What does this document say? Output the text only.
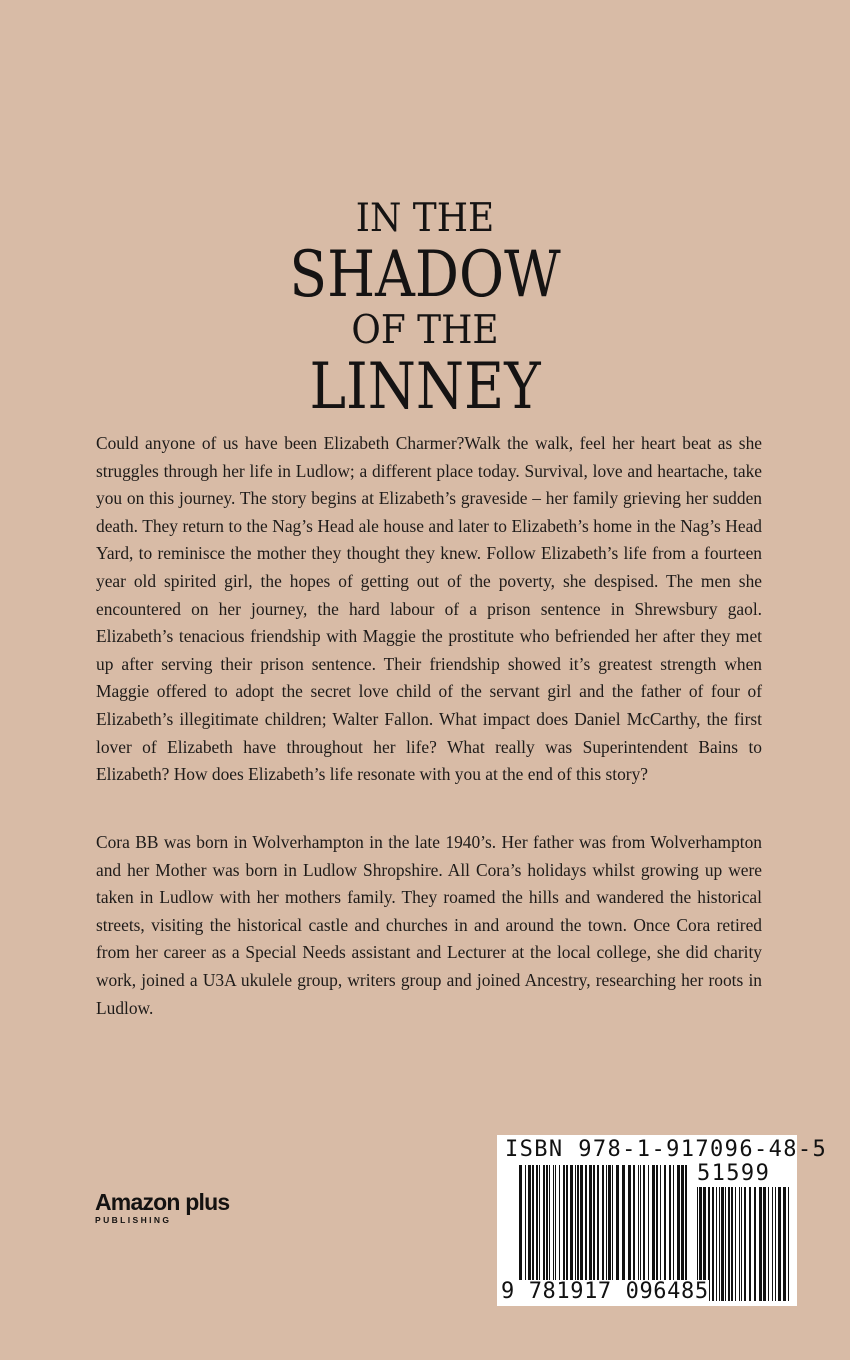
IN THE
SHADOW
OF THE
LINNEY

Could anyone of us have been Elizabeth Charmer?Walk the walk, feel her heart beat as she struggles through her life in Ludlow; a different place today. Survival, love and heartache, take you on this journey. The story begins at Elizabeth’s graveside – her family grieving her sudden death. They return to the Nag’s Head ale house and later to Elizabeth’s home in the Nag’s Head Yard, to reminisce the mother they thought they knew. Follow Elizabeth’s life from a fourteen year old spirited girl, the hopes of getting out of the poverty, she despised. The men she encountered on her journey, the hard labour of a prison sentence in Shrewsbury gaol. Elizabeth’s tenacious friendship with Maggie the prostitute who befriended her after they met up after serving their prison sentence. Their friendship showed it’s greatest strength when Maggie offered to adopt the secret love child of the servant girl and the father of four of Elizabeth’s illegitimate children; Walter Fallon. What impact does Daniel McCarthy, the first lover of Elizabeth have throughout her life? What really was Superintendent Bains to Elizabeth? How does Elizabeth’s life resonate with you at the end of this story?

Cora BB was born in Wolverhampton in the late 1940’s. Her father was from Wolverhampton and her Mother was born in Ludlow Shropshire. All Cora’s holidays whilst growing up were taken in Ludlow with her mothers family. They roamed the hills and wandered the historical streets, visiting the historical castle and churches in and around the town. Once Cora retired from her career as a Special Needs assistant and Lecturer at the local college, she did charity work, joined a U3A ukulele group, writers group and joined Ancestry, researching her roots in Ludlow.

Amazon plus
PUBLISHING
ISBN 978-1-917096-48-5
51599
9 781917 096485
